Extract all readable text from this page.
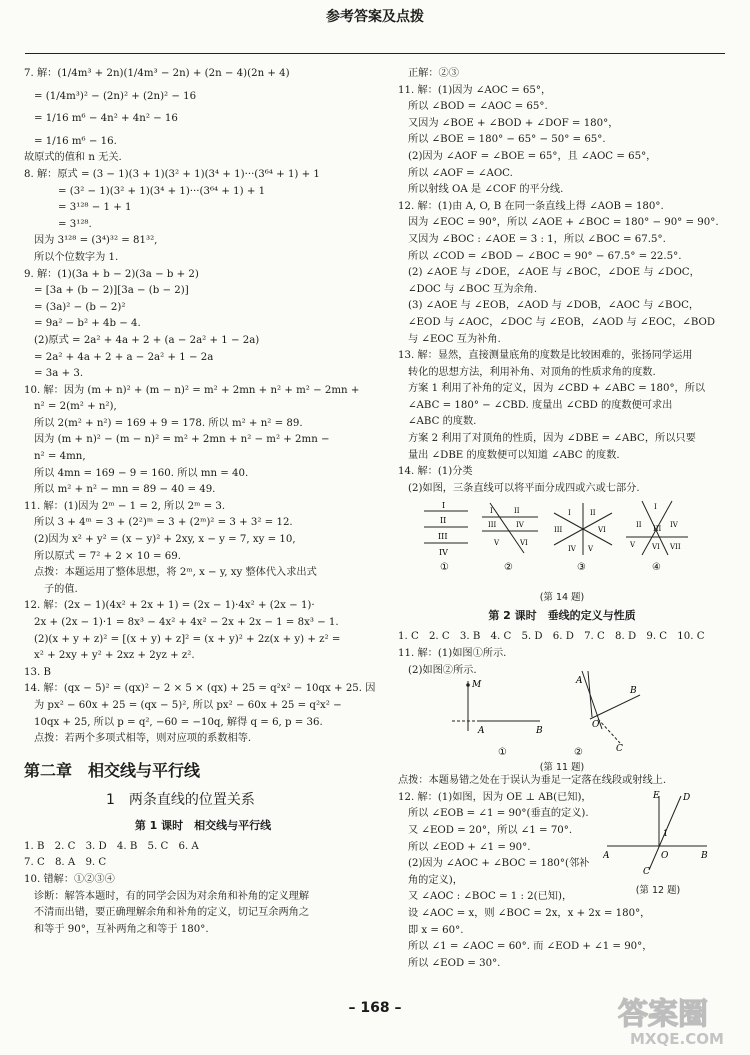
参考答案及点拨
7. 解：(1/4m³ + 2n)(1/4m³ − 2n) + (2n − 4)(2n + 4)
= (1/4m³)² − (2n)² + (2n)² − 16
= 1/16 m⁶ − 4n² + 4n² − 16
= 1/16 m⁶ − 16.
故原式的值和 n 无关.
8. 解：原式 = (3 − 1)(3 + 1)(3² + 1)(3⁴ + 1)···(3⁶⁴ + 1) + 1
= (3² − 1)(3² + 1)(3⁴ + 1)···(3⁶⁴ + 1) + 1
= 3¹²⁸ − 1 + 1
= 3¹²⁸.
因为 3¹²⁸ = (3⁴)³² = 81³²,
所以个位数字为 1.
9. 解：(1)(3a + b − 2)(3a − b + 2)
= [3a + (b − 2)][3a − (b − 2)]
= (3a)² − (b − 2)²
= 9a² − b² + 4b − 4.
(2)原式 = 2a² + 4a + 2 + (a − 2a² + 1 − 2a)
= 2a² + 4a + 2 + a − 2a² + 1 − 2a
= 3a + 3.
10. 解：因为 (m + n)² + (m − n)² = m² + 2mn + n² + m² − 2mn +
n² = 2(m² + n²),
所以 2(m² + n²) = 169 + 9 = 178. 所以 m² + n² = 89.
因为 (m + n)² − (m − n)² = m² + 2mn + n² − m² + 2mn −
n² = 4mn,
所以 4mn = 169 − 9 = 160. 所以 mn = 40.
所以 m² + n² − mn = 89 − 40 = 49.
11. 解：(1)因为 2ᵐ − 1 = 2, 所以 2ᵐ = 3.
所以 3 + 4ᵐ = 3 + (2²)ᵐ = 3 + (2ᵐ)² = 3 + 3² = 12.
(2)因为 x² + y² = (x − y)² + 2xy, x − y = 7, xy = 10,
所以原式 = 7² + 2 × 10 = 69.
点拨：本题运用了整体思想，将 2ᵐ, x − y, xy 整体代入求出式
子的值.
12. 解：(2x − 1)(4x² + 2x + 1) = (2x − 1)·4x² + (2x − 1)·
2x + (2x − 1)·1 = 8x³ − 4x² + 4x² − 2x + 2x − 1 = 8x³ − 1.
(2)(x + y + z)² = [(x + y) + z]² = (x + y)² + 2z(x + y) + z² =
x² + 2xy + y² + 2xz + 2yz + z².
13. B
14. 解：(qx − 5)² = (qx)² − 2 × 5 × (qx) + 25 = q²x² − 10qx + 25. 因
为 px² − 60x + 25 = (qx − 5)², 所以 px² − 60x + 25 = q²x² −
10qx + 25, 所以 p = q², −60 = −10q, 解得 q = 6, p = 36.
点拨：若两个多项式相等，则对应项的系数相等.
第二章　相交线与平行线
1　两条直线的位置关系
第 1 课时　相交线与平行线
1. B　2. C　3. D　4. B　5. C　6. A
7. C　8. A　9. C
10. 错解：①②③④
诊断：解答本题时，有的同学会因为对余角和补角的定义理解
不清而出错，要正确理解余角和补角的定义，切记互余两角之
和等于 90°，互补两角之和等于 180°.
正解：②③
11. 解：(1)因为 ∠AOC = 65°，
所以 ∠BOD = ∠AOC = 65°.
又因为 ∠BOE + ∠BOD + ∠DOF = 180°，
所以 ∠BOE = 180° − 65° − 50° = 65°.
(2)因为 ∠AOF = ∠BOE = 65°，且 ∠AOC = 65°，
所以 ∠AOF = ∠AOC.
所以射线 OA 是 ∠COF 的平分线.
12. 解：(1)由 A, O, B 在同一条直线上得 ∠AOB = 180°.
因为 ∠EOC = 90°，所以 ∠AOE + ∠BOC = 180° − 90° = 90°.
又因为 ∠BOC : ∠AOE = 3 : 1，所以 ∠BOC = 67.5°.
所以 ∠COD = ∠BOD − ∠BOC = 90° − 67.5° = 22.5°.
(2) ∠AOE 与 ∠DOE，∠AOE 与 ∠BOC，∠DOE 与 ∠DOC，
∠DOC 与 ∠BOC 互为余角.
(3) ∠AOE 与 ∠EOB，∠AOD 与 ∠DOB，∠AOC 与 ∠BOC，
∠EOD 与 ∠AOC，∠DOC 与 ∠EOB，∠AOD 与 ∠EOC，∠BOD
与 ∠EOC 互为补角.
13. 解：显然，直接测量底角的度数是比较困难的，张扬同学运用
转化的思想方法，利用补角、对顶角的性质求角的度数.
方案 1 利用了补角的定义，因为 ∠CBD + ∠ABC = 180°，所以
∠ABC = 180° − ∠CBD. 度量出 ∠CBD 的度数便可求出
∠ABC 的度数.
方案 2 利用了对顶角的性质，因为 ∠DBE = ∠ABC，所以只要
量出 ∠DBE 的度数便可以知道 ∠ABC 的度数.
14. 解：(1)分类
(2)如图，三条直线可以将平面分成四或六或七部分.
I
II
III
IV
①
I	II
III	IV
V	VI
②
I	II
III	VI
IV V
③
I
II III IV
V VI VII
④
(第 14 题)
第 2 课时　垂线的定义与性质
1. C　2. C　3. B　4. C　5. D　6. D　7. C　8. D　9. C　10. C
11. 解：(1)如图①所示.
(2)如图②所示.
M
A	B
①
A
B
O
C
②
(第 11 题)
点拨：本题易错之处在于误认为垂足一定落在线段或射线上.
12. 解：(1)如图，因为 OE ⊥ AB(已知)，
所以 ∠EOB = ∠1 = 90°(垂直的定义).
又 ∠EOD = 20°，所以 ∠1 = 70°.
所以 ∠EOD + ∠1 = 90°.
(2)因为 ∠AOC + ∠BOC = 180°(邻补
角的定义)，
又 ∠AOC : ∠BOC = 1 : 2(已知)，
设 ∠AOC = x，则 ∠BOC = 2x，x + 2x = 180°，
即 x = 60°.
所以 ∠1 = ∠AOC = 60°. 而 ∠EOD + ∠1 = 90°，
所以 ∠EOD = 30°.
E	D
A	O	B
C
1
(第 12 题)
– 168 –	答案圈
MXQE.COM
